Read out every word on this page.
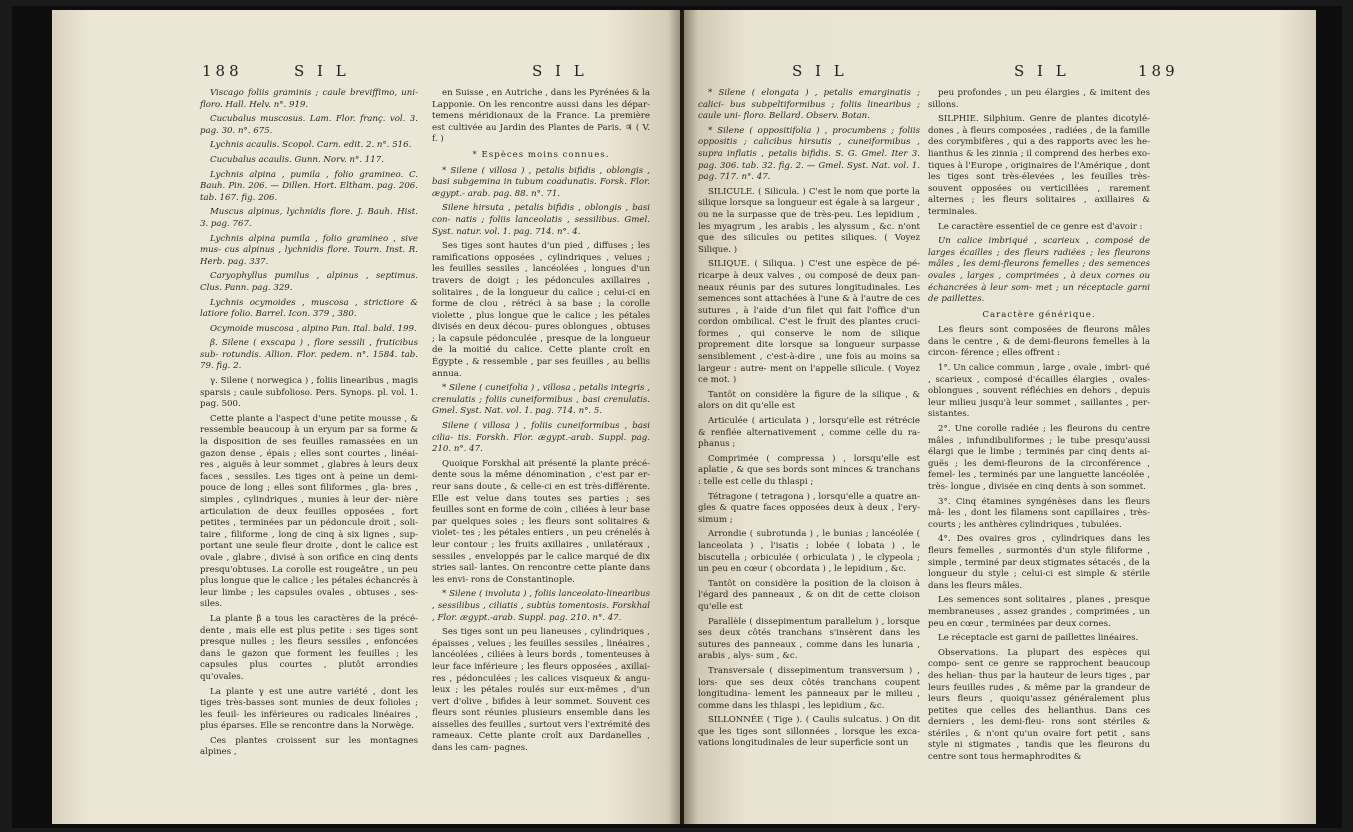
188	S I L	S I L

Viscago foliis graminis ; caule breviffimo, uni- floro. Hall. Helv. n°. 919.

Cucubalus muscosus. Lam. Flor. franç. vol. 3. pag. 30. n°. 675.

Lychnis acaulis. Scopol. Carn. edit. 2. n°. 516.

Cucubalus acaulis. Gunn. Norv. n°. 117.

Lychnis alpina , pumila , folio gramineo. C. Bauh. Pin. 206. — Dillen. Hort. Eltham. pag. 206. tab. 167. fig. 206.

Muscus alpinus, lychnidis flore. J. Bauh. Hist. 3. pag. 767.

Lychnis alpina pumila , folio gramineo , sive mus- cus alpinus , lychnidis flore. Tourn. Inst. R. Herb. pag. 337.

Caryophyllus pumilus , alpinus , septimus. Clus. Pann. pag. 329.

Lychnis ocymoides , muscosa , strictiore & latiore folio. Barrel. Icon. 379 , 380.

Ocymoide muscosa , alpino Pan. Ital. bald. 199.

β. Silene ( exscapa ) , flore sessili , fruticibus sub- rotundis. Allion. Flor. pedem. n°. 1584. tab. 79. fig. 2.

γ. Silene ( norwegica ) , foliis linearibus , magis sparsis ; caule subfolioso. Pers. Synops. pl. vol. 1. pag. 500.

Cette plante a l'aspect d'une petite mousse , & ressemble beaucoup à un eryum par sa forme & la disposition de ses feuilles ramassées en un gazon dense , épais ; elles sont courtes , linéai- res , aiguës à leur sommet , glabres à leurs deux faces , sessiles. Les tiges ont à peine un demi-pouce de long ; elles sont filiformes , gla- bres , simples , cylindriques , munies à leur der- nière articulation de deux feuilles opposées , fort petites , terminées par un pédoncule droit , soli- taire , filiforme , long de cinq à six lignes , sup- portant une seule fleur droite , dont le calice est ovale , glabre , divisé à son orifice en cinq dents presqu'obtuses. La corolle est rougeâtre , un peu plus longue que le calice ; les pétales échancrés à leur limbe ; les capsules ovales , obtuses , ses- siles.

La plante β a tous les caractères de la précé- dente , mais elle est plus petite : ses tiges sont presque nulles ; les fleurs sessiles , enfoncées dans le gazon que forment les feuilles ; les capsules plus courtes , plutôt arrondies qu'ovales.

La plante γ est une autre variété , dont les tiges très-basses sont munies de deux folioles ; les feuil- les inférieures ou radicales linéaires , plus éparses. Elle se rencontre dans la Norwège.

Ces plantes croissent sur les montagnes alpines ,

en Suisse , en Autriche , dans les Pyrénées & la Lapponie. On les rencontre aussi dans les dépar- temens méridionaux de la France. La première est cultivée au Jardin des Plantes de Paris. ♃ ( V. f. )

* Espèces moins connues.

* Silene ( villosa ) , petalis bifidis , oblongis , basi subgemina in tubum coadunatis. Forsk. Flor. ægypt.- arab. pag. 88. n°. 71.

Silene hirsuta , petalis bifidis , oblongis , basi con- natis ; foliis lanceolatis , sessilibus. Gmel. Syst. natur. vol. 1. pag. 714. n°. 4.

Ses tiges sont hautes d'un pied , diffuses ; les ramifications opposées , cylindriques , velues ; les feuilles sessiles , lancéolées , longues d'un travers de doigt ; les pédoncules axillaires , solitaires , de la longueur du calice ; celui-ci en forme de clou , rétréci à sa base ; la corolle violette , plus longue que le calice ; les pétales divisés en deux décou- pures oblongues , obtuses ; la capsule pédonculée , presque de la longueur de la moitié du calice. Cette plante croît en Égypte , & ressemble , par ses feuilles , au bellis annua.

* Silene ( cuneifolia ) , villosa , petalis integris , crenulatis ; foliis cuneiformibus , basi crenulatis. Gmel. Syst. Nat. vol. 1. pag. 714. n°. 5.

Silene ( villosa ) , foliis cuneiformibus , basi cilia- tis. Forskh. Flor. ægypt.-arab. Suppl. pag. 210. n°. 47.

Quoique Forskhal ait présenté la plante précé- dente sous la même dénomination , c'est par er- reur sans doute , & celle-ci en est très-différente. Elle est velue dans toutes ses parties ; ses feuilles sont en forme de coin , ciliées à leur base par quelques soies ; les fleurs sont solitaires & violet- tes ; les pétales entiers , un peu crénelés à leur contour ; les fruits axillaires , unilatéraux , sessiles , enveloppés par le calice marqué de dix stries sail- lantes. On rencontre cette plante dans les envi- rons de Constantinople.

* Silene ( involuta ) , foliis lanceolato-linearibus , sessilibus , ciliatis , subtùs tomentosis. Forskhal , Flor. ægypt.-arab. Suppl. pag. 210. n°. 47.

Ses tiges sont un peu lianeuses , cylindriques , épaisses , velues ; les feuilles sessiles , linéaires , lancéolées , ciliées à leurs bords , tomenteuses à leur face inférieure ; les fleurs opposées , axillai- res , pédonculées ; les calices visqueux & angu- leux ; les pétales roulés sur eux-mêmes , d'un vert d'olive , bifides à leur sommet. Souvent ces fleurs sont réunies plusieurs ensemble dans les aisselles des feuilles , surtout vers l'extrémité des rameaux. Cette plante croît aux Dardanelles , dans les cam- pagnes.

S I L	S I L	189

* Silene ( elongata ) , petalis emarginatis ; calici- bus subpeltiformibus ; foliis linearibus ; caule uni- floro. Bellard. Observ. Botan.

* Silene ( oppositifolia ) , procumbens ; foliis oppositis ; calicibus hirsutis , cuneiformibus , supra inflatis , petalis bifidis. S. G. Gmel. Iter 3. pag. 306. tab. 32. fig. 2. — Gmel. Syst. Nat. vol. 1. pag. 717. n°. 47.

SILICULE. ( Silicula. ) C'est le nom que porte la silique lorsque sa longueur est égale à sa largeur , ou ne la surpasse que de très-peu. Les lepidium , les myagrum , les arabis , les alyssum , &c. n'ont que des silicules ou petites siliques. ( Voyez Silique. )

SILIQUE. ( Siliqua. ) C'est une espèce de pé- ricarpe à deux valves , ou composé de deux pan- neaux réunis par des sutures longitudinales. Les semences sont attachées à l'une & à l'autre de ces sutures , à l'aide d'un filet qui fait l'office d'un cordon ombilical. C'est le fruit des plantes cruci- formes , qui conserve le nom de silique proprement dite lorsque sa longueur surpasse sensiblement , c'est-à-dire , une fois au moins sa largeur : autre- ment on l'appelle silicule. ( Voyez ce mot. )

Tantôt on considère la figure de la silique , & alors on dit qu'elle est

Articulée ( articulata ) , lorsqu'elle est rétrécie & renflée alternativement , comme celle du ra- phanus ;

Comprimée ( compressa ) , lorsqu'elle est aplatie , & que ses bords sont minces & tranchans : telle est celle du thlaspi ;

Tétragone ( tetragona ) , lorsqu'elle a quatre an- gles & quatre faces opposées deux à deux , l'ery- simum ;

Arrondie ( subrotunda ) , le bunias ; lancéolée ( lanceolata ) , l'isatis ; lobée ( lobata ) , le biscutella ; orbiculée ( orbiculata ) , le clypeola ; un peu en cœur ( obcordata ) , le lepidium , &c.

Tantôt on considère la position de la cloison à l'égard des panneaux , & on dit de cette cloison qu'elle est

Parallèle ( dissepimentum parallelum ) , lorsque ses deux côtés tranchans s'insèrent dans les sutures des panneaux , comme dans les lunaria , arabis , alys- sum , &c.

Transversale ( dissepimentum transversum ) , lors- que ses deux côtés tranchans coupent longitudina- lement les panneaux par le milieu , comme dans les thlaspi , les lepidium , &c.

SILLONNÉE ( Tige ). ( Caulis sulcatus. ) On dit que les tiges sont sillonnées , lorsque les exca- vations longitudinales de leur superficie sont un

peu profondes , un peu élargies , & imitent des sillons.

SILPHIE. Silphium. Genre de plantes dicotylé- dones , à fleurs composées , radiées , de la famille des corymbifères , qui a des rapports avec les he- lianthus & les zinnia ; il comprend des herbes exo- tiques à l'Europe , originaires de l'Amérique , dont les tiges sont très-élevées , les feuilles très-souvent opposées ou verticillées , rarement alternes ; les fleurs solitaires , axillaires & terminales.

Le caractère essentiel de ce genre est d'avoir :

Un calice imbriqué , scarieux , composé de larges écailles ; des fleurs radiées ; les fleurons mâles , les demi-fleurons femelles ; des semences ovales , larges , comprimées , à deux cornes ou échancrées à leur som- met ; un réceptacle garni de paillettes.

Caractère générique.

Les fleurs sont composées de fleurons mâles dans le centre , & de demi-fleurons femelles à la circon- férence ; elles offrent :

1°. Un calice commun , large , ovale , imbri- qué , scarieux , composé d'écailles élargies , ovales- oblongues , souvent réfléchies en dehors , depuis leur milieu jusqu'à leur sommet , saillantes , per- sistantes.

2°. Une corolle radiée ; les fleurons du centre mâles , infundibuliformes ; le tube presqu'aussi élargi que le limbe ; terminés par cinq dents ai- guës ; les demi-fleurons de la circonférence , femel- les , terminés par une languette lancéolée , très- longue , divisée en cinq dents à son sommet.

3°. Cinq étamines syngénèses dans les fleurs mâ- les , dont les filamens sont capillaires , très-courts ; les anthères cylindriques , tubulées.

4°. Des ovaires gros , cylindriques dans les fleurs femelles , surmontés d'un style filiforme , simple , terminé par deux stigmates sétacés , de la longueur du style ; celui-ci est simple & stérile dans les fleurs mâles.

Les semences sont solitaires , planes , presque membraneuses , assez grandes , comprimées , un peu en cœur , terminées par deux cornes.

Le réceptacle est garni de paillettes linéaires.

Observations. La plupart des espèces qui compo- sent ce genre se rapprochent beaucoup des helian- thus par la hauteur de leurs tiges , par leurs feuilles rudes , & même par la grandeur de leurs fleurs , quoiqu'assez généralement plus petites que celles des helianthus. Dans ces derniers , les demi-fleu- rons sont stériles & stériles , & n'ont qu'un ovaire fort petit , sans style ni stigmates , tandis que les fleurons du centre sont tous hermaphrodites &
